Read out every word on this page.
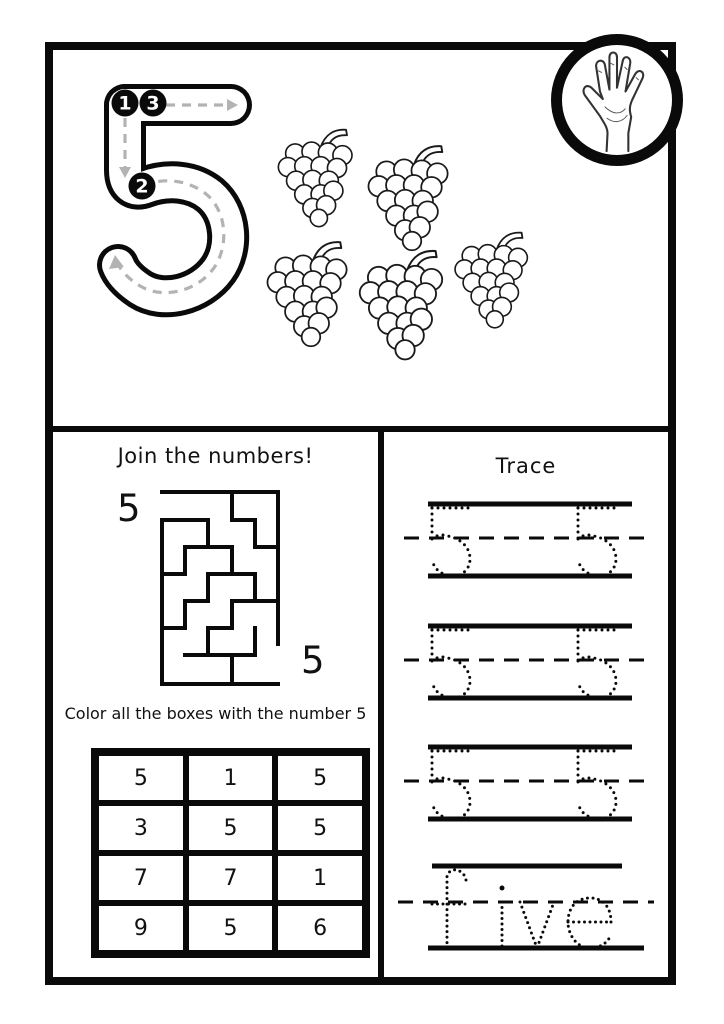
1 3
2
Join the numbers!
5
5
Color all the boxes with the number 5
5	1	5
3	5	5
7	7	1
9	5	6
Trace
